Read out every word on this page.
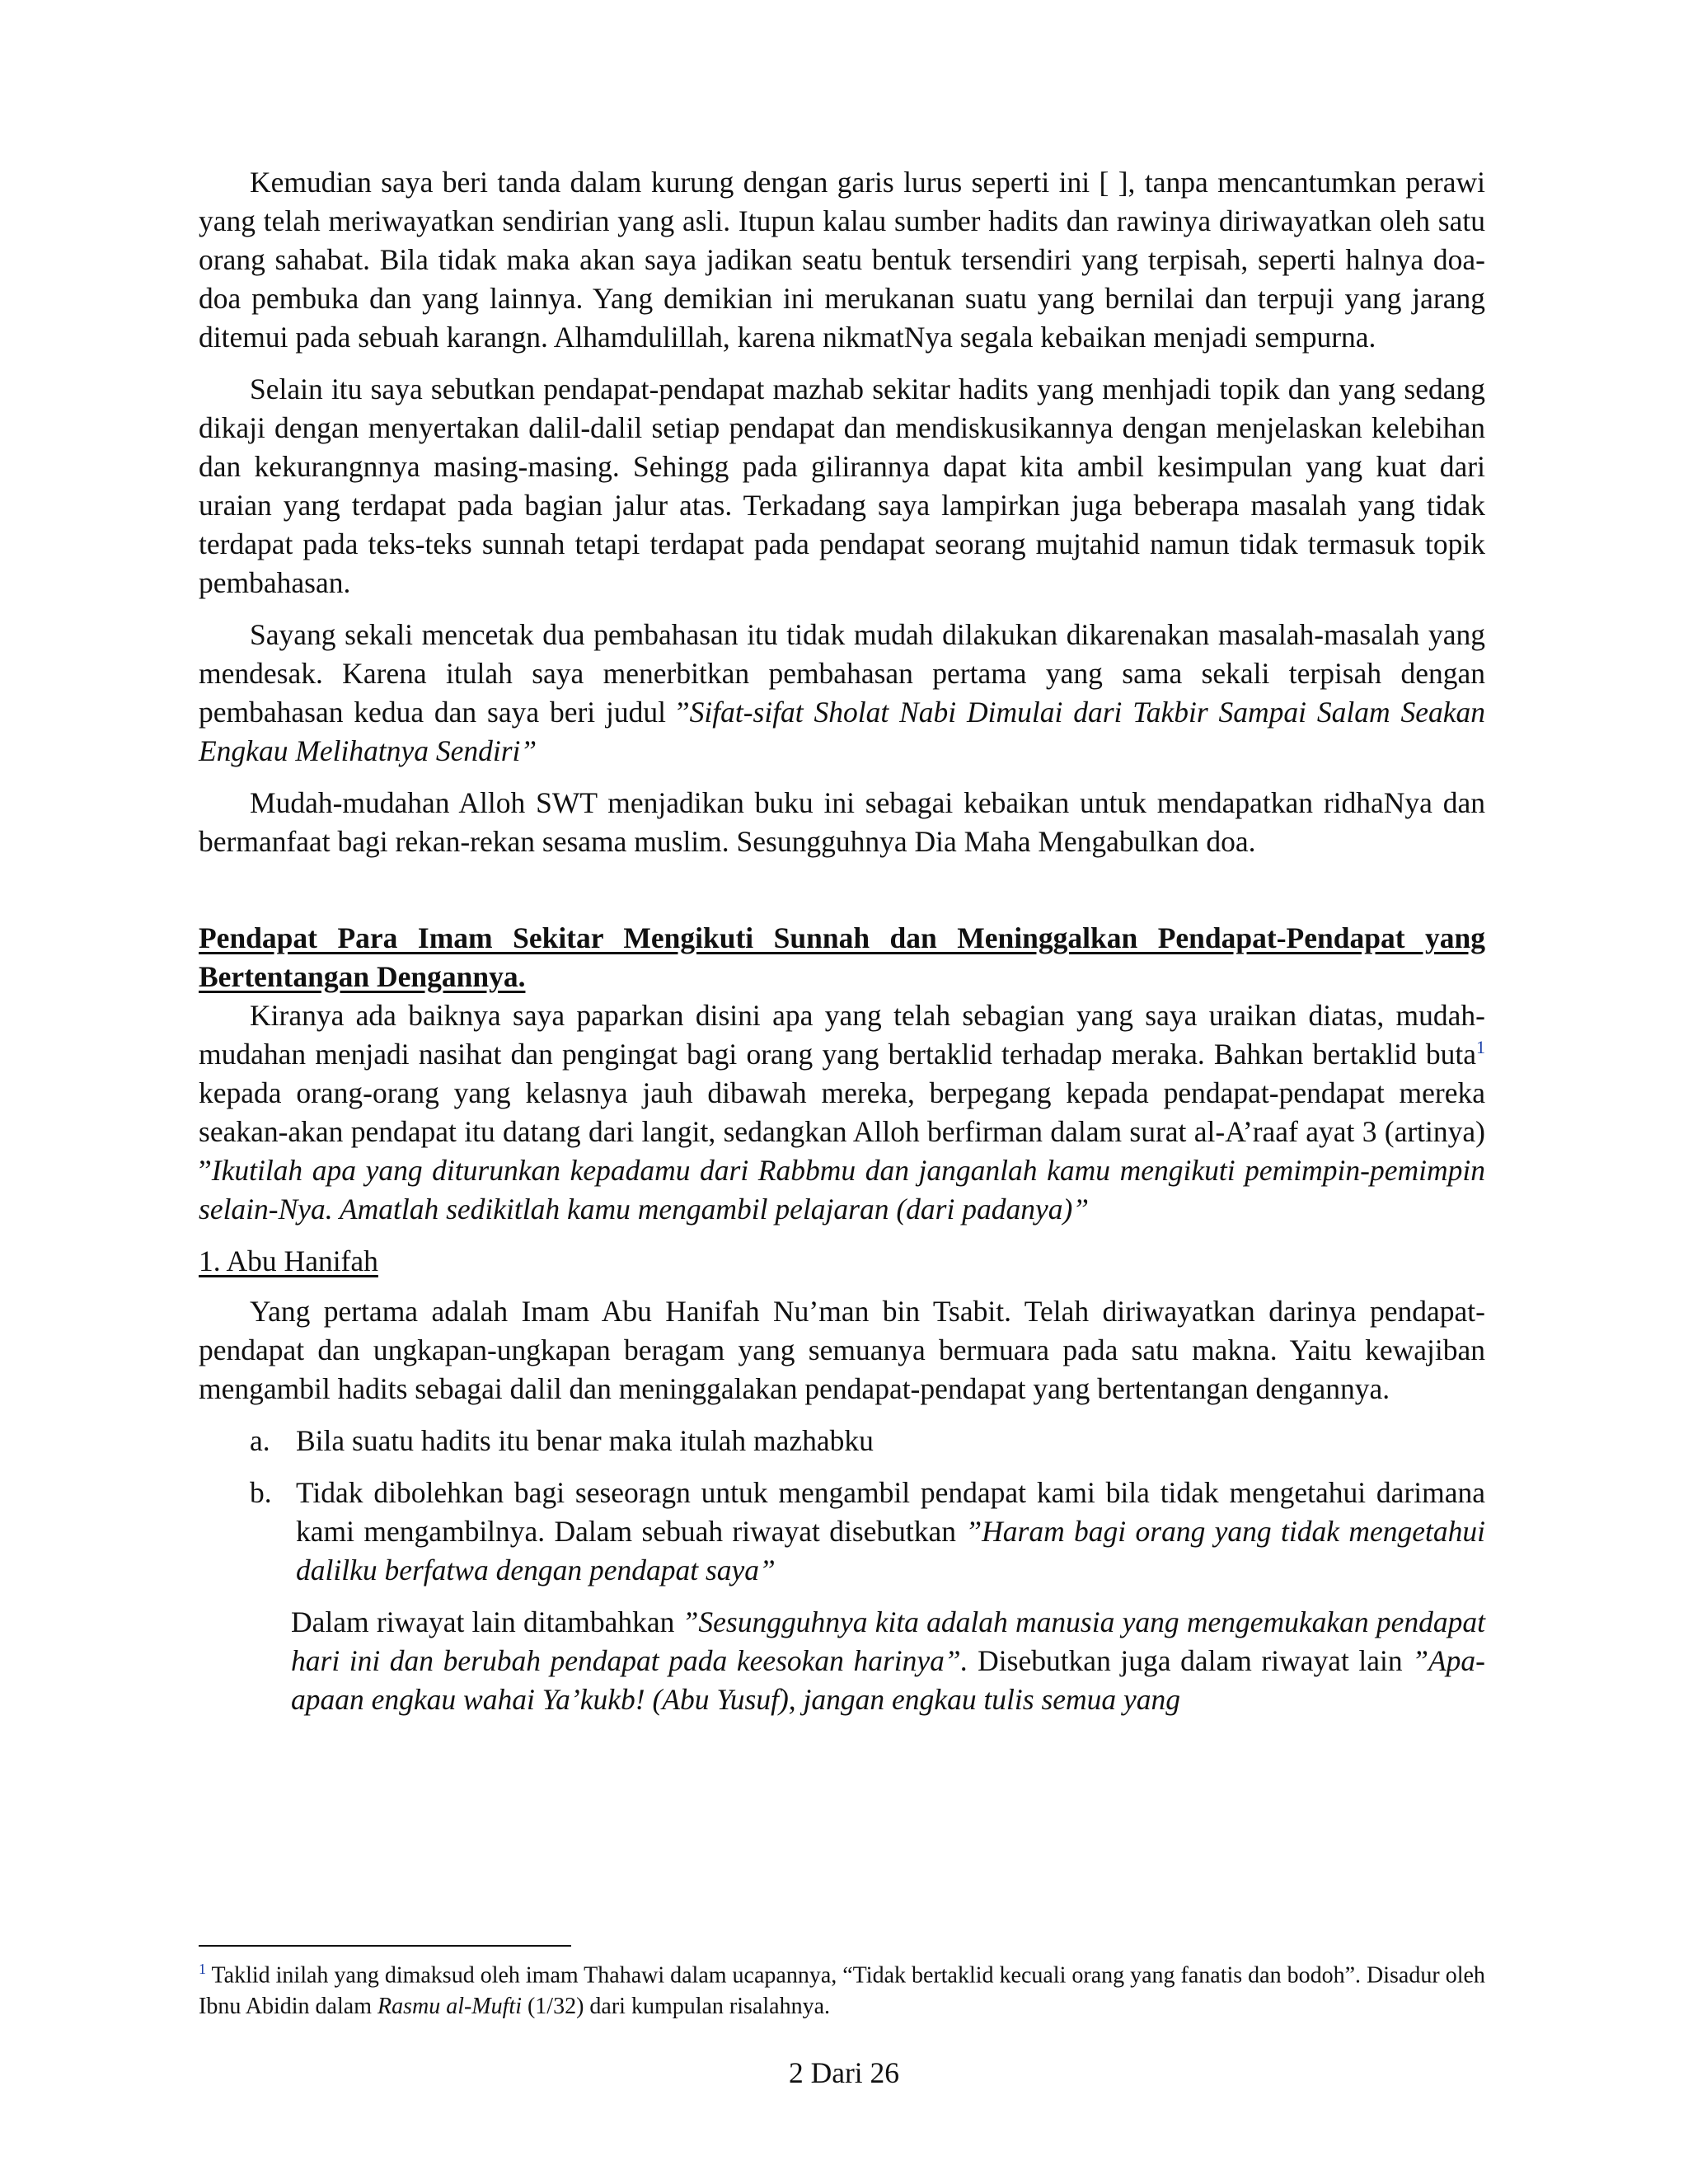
Kemudian saya beri tanda dalam kurung dengan garis lurus seperti ini [ ], tanpa mencantumkan perawi yang telah meriwayatkan sendirian yang asli. Itupun kalau sumber hadits dan rawinya diriwayatkan oleh satu orang sahabat. Bila tidak maka akan saya jadikan seatu bentuk tersendiri yang terpisah, seperti halnya doa-doa pembuka dan yang lainnya. Yang demikian ini merukanan suatu yang bernilai dan terpuji yang jarang ditemui pada sebuah karangn. Alhamdulillah, karena nikmatNya segala kebaikan menjadi sempurna.

Selain itu saya sebutkan pendapat-pendapat mazhab sekitar hadits yang menhjadi topik dan yang sedang dikaji dengan menyertakan dalil-dalil setiap pendapat dan mendiskusikannya dengan menjelaskan kelebihan dan kekurangnnya masing-masing. Sehingg pada gilirannya dapat kita ambil kesimpulan yang kuat dari uraian yang terdapat pada bagian jalur atas. Terkadang saya lampirkan juga beberapa masalah yang tidak terdapat pada teks-teks sunnah tetapi terdapat pada pendapat seorang mujtahid namun tidak termasuk topik pembahasan.

Sayang sekali mencetak dua pembahasan itu tidak mudah dilakukan dikarenakan masalah-masalah yang mendesak. Karena itulah saya menerbitkan pembahasan pertama yang sama sekali terpisah dengan pembahasan kedua dan saya beri judul ”Sifat-sifat Sholat Nabi Dimulai dari Takbir Sampai Salam Seakan Engkau Melihatnya Sendiri”

Mudah-mudahan Alloh SWT menjadikan buku ini sebagai kebaikan untuk mendapatkan ridhaNya dan bermanfaat bagi rekan-rekan sesama muslim. Sesungguhnya Dia Maha Mengabulkan doa.

Pendapat Para Imam Sekitar Mengikuti Sunnah dan Meninggalkan Pendapat-Pendapat yang Bertentangan Dengannya.

Kiranya ada baiknya saya paparkan disini apa yang telah sebagian yang saya uraikan diatas, mudah-mudahan menjadi nasihat dan pengingat bagi orang yang bertaklid terhadap meraka. Bahkan bertaklid buta$^1$ kepada orang-orang yang kelasnya jauh dibawah mereka, berpegang kepada pendapat-pendapat mereka seakan-akan pendapat itu datang dari langit, sedangkan Alloh berfirman dalam surat al-A’raaf ayat 3 (artinya) ”Ikutilah apa yang diturunkan kepadamu dari Rabbmu dan janganlah kamu mengikuti pemimpin-pemimpin selain-Nya. Amatlah sedikitlah kamu mengambil pelajaran (dari padanya)”

1. Abu Hanifah

Yang pertama adalah Imam Abu Hanifah Nu’man bin Tsabit. Telah diriwayatkan darinya pendapat-pendapat dan ungkapan-ungkapan beragam yang semuanya bermuara pada satu makna. Yaitu kewajiban mengambil hadits sebagai dalil dan meninggalakan pendapat-pendapat yang bertentangan dengannya.

a. Bila suatu hadits itu benar maka itulah mazhabku
b. Tidak dibolehkan bagi seseoragn untuk mengambil pendapat kami bila tidak mengetahui darimana kami mengambilnya. Dalam sebuah riwayat disebutkan ”Haram bagi orang yang tidak mengetahui dalilku berfatwa dengan pendapat saya”

Dalam riwayat lain ditambahkan ”Sesungguhnya kita adalah manusia yang mengemukakan pendapat hari ini dan berubah pendapat pada keesokan harinya”. Disebutkan juga dalam riwayat lain ”Apa-apaan engkau wahai Ya’kukb! (Abu Yusuf), jangan engkau tulis semua yang

$^1$ Taklid inilah yang dimaksud oleh imam Thahawi dalam ucapannya, “Tidak bertaklid kecuali orang yang fanatis dan bodoh”. Disadur oleh Ibnu Abidin dalam Rasmu al-Mufti (1/32) dari kumpulan risalahnya.
2 Dari 26
